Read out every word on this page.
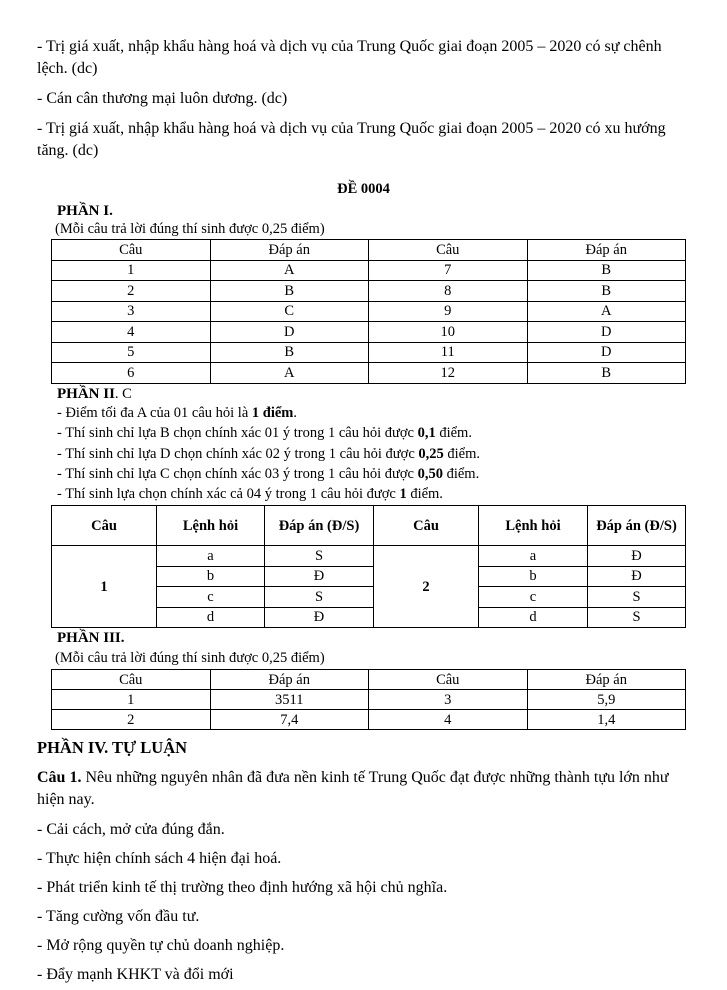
- Trị giá xuất, nhập khẩu hàng hoá và dịch vụ của Trung Quốc giai đoạn 2005 – 2020 có sự chênh lệch. (dc)

- Cán cân thương mại luôn dương. (dc)

- Trị giá xuất, nhập khẩu hàng hoá và dịch vụ của Trung Quốc giai đoạn 2005 – 2020 có xu hướng tăng. (dc)

ĐỀ 0004
PHẦN I.
(Mỗi câu trả lời đúng thí sinh được 0,25 điểm)
Câu	Đáp án	Câu	Đáp án
1	A	7	B
2	B	8	B
3	C	9	A
4	D	10	D
5	B	11	D
6	A	12	B
PHẦN II. C
- Điểm tối đa A của 01 câu hỏi là 1 điểm.
- Thí sinh chỉ lựa B chọn chính xác 01 ý trong 1 câu hỏi được 0,1 điểm.
- Thí sinh chỉ lựa D chọn chính xác 02 ý trong 1 câu hỏi được 0,25 điểm.
- Thí sinh chỉ lựa C chọn chính xác 03 ý trong 1 câu hỏi được 0,50 điểm.
- Thí sinh lựa chọn chính xác cả 04 ý trong 1 câu hỏi được 1 điểm.
Câu	Lệnh hỏi	Đáp án (Đ/S)	Câu	Lệnh hỏi	Đáp án (Đ/S)
1	a	S	2	a	Đ
	b	Đ		b	Đ
	c	S		c	S
	d	Đ		d	S
PHẦN III.
(Mỗi câu trả lời đúng thí sinh được 0,25 điểm)
Câu	Đáp án	Câu	Đáp án
1	3511	3	5,9
2	7,4	4	1,4
PHẦN IV. TỰ LUẬN

Câu 1. Nêu những nguyên nhân đã đưa nền kinh tế Trung Quốc đạt được những thành tựu lớn như hiện nay.

- Cải cách, mở cửa đúng đắn.

- Thực hiện chính sách 4 hiện đại hoá.

- Phát triển kinh tế thị trường theo định hướng xã hội chủ nghĩa.

- Tăng cường vốn đầu tư.

- Mở rộng quyền tự chủ doanh nghiệp.

- Đẩy mạnh KHKT và đổi mới
